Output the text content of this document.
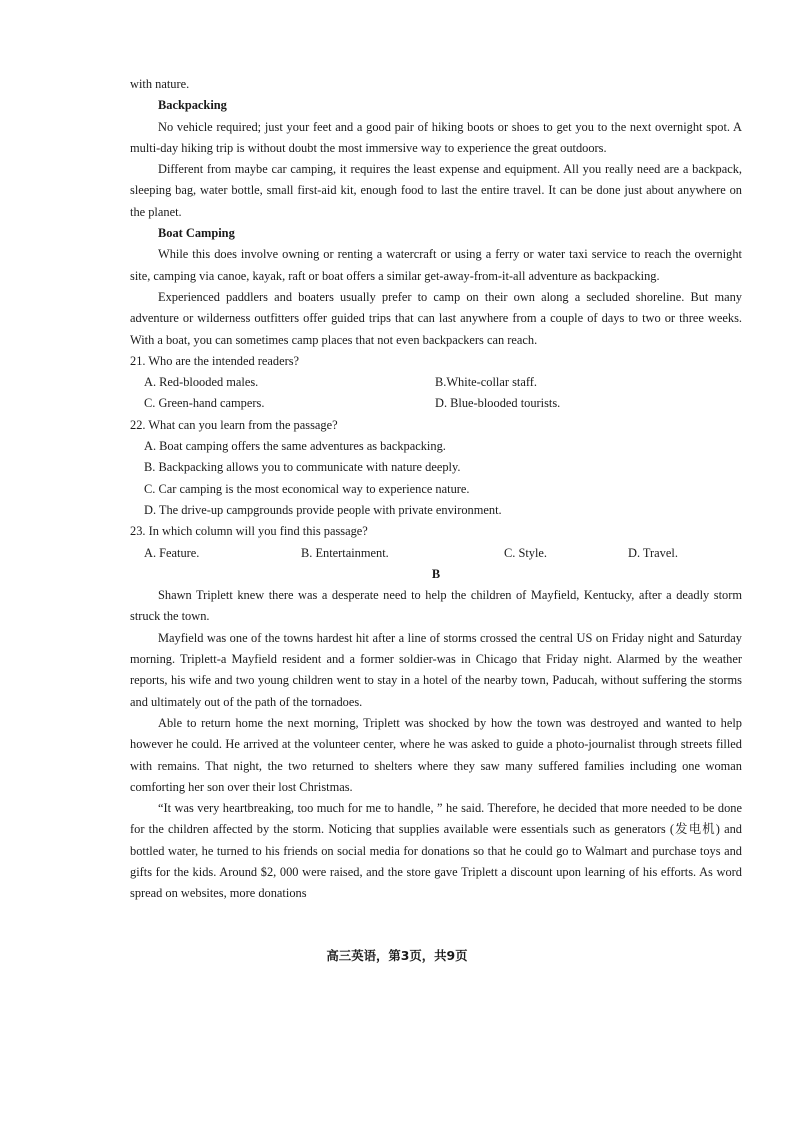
with nature.

Backpacking

No vehicle required; just your feet and a good pair of hiking boots or shoes to get you to the next overnight spot. A multi-day hiking trip is without doubt the most immersive way to experience the great outdoors.

Different from maybe car camping, it requires the least expense and equipment. All you really need are a backpack, sleeping bag, water bottle, small first-aid kit, enough food to last the entire travel. It can be done just about anywhere on the planet.

Boat Camping

While this does involve owning or renting a watercraft or using a ferry or water taxi service to reach the overnight site, camping via canoe, kayak, raft or boat offers a similar get-away-from-it-all adventure as backpacking.

Experienced paddlers and boaters usually prefer to camp on their own along a secluded shoreline. But many adventure or wilderness outfitters offer guided trips that can last anywhere from a couple of days to two or three weeks. With a boat, you can sometimes camp places that not even backpackers can reach.

21. Who are the intended readers?

A. Red-blooded males.	B.White-collar staff.
C. Green-hand campers.	D. Blue-blooded tourists.

22. What can you learn from the passage?

A. Boat camping offers the same adventures as backpacking.
B. Backpacking allows you to communicate with nature deeply.
C. Car camping is the most economical way to experience nature.
D. The drive-up campgrounds provide people with private environment.

23. In which column will you find this passage?

A. Feature.	B. Entertainment.	C. Style.	D. Travel.

B

Shawn Triplett knew there was a desperate need to help the children of Mayfield, Kentucky, after a deadly storm struck the town.

Mayfield was one of the towns hardest hit after a line of storms crossed the central US on Friday night and Saturday morning. Triplett-a Mayfield resident and a former soldier-was in Chicago that Friday night. Alarmed by the weather reports, his wife and two young children went to stay in a hotel of the nearby town, Paducah, without suffering the storms and ultimately out of the path of the tornadoes.

Able to return home the next morning, Triplett was shocked by how the town was destroyed and wanted to help however he could. He arrived at the volunteer center, where he was asked to guide a photo-journalist through streets filled with remains. That night, the two returned to shelters where they saw many suffered families including one woman comforting her son over their lost Christmas.

“It was very heartbreaking, too much for me to handle, ” he said. Therefore, he decided that more needed to be done for the children affected by the storm. Noticing that supplies available were essentials such as generators (发电机) and bottled water, he turned to his friends on social media for donations so that he could go to Walmart and purchase toys and gifts for the kids. Around $2, 000 were raised, and the store gave Triplett a discount upon learning of his efforts. As word spread on websites, more donations

高三英语，第3页，共9页
